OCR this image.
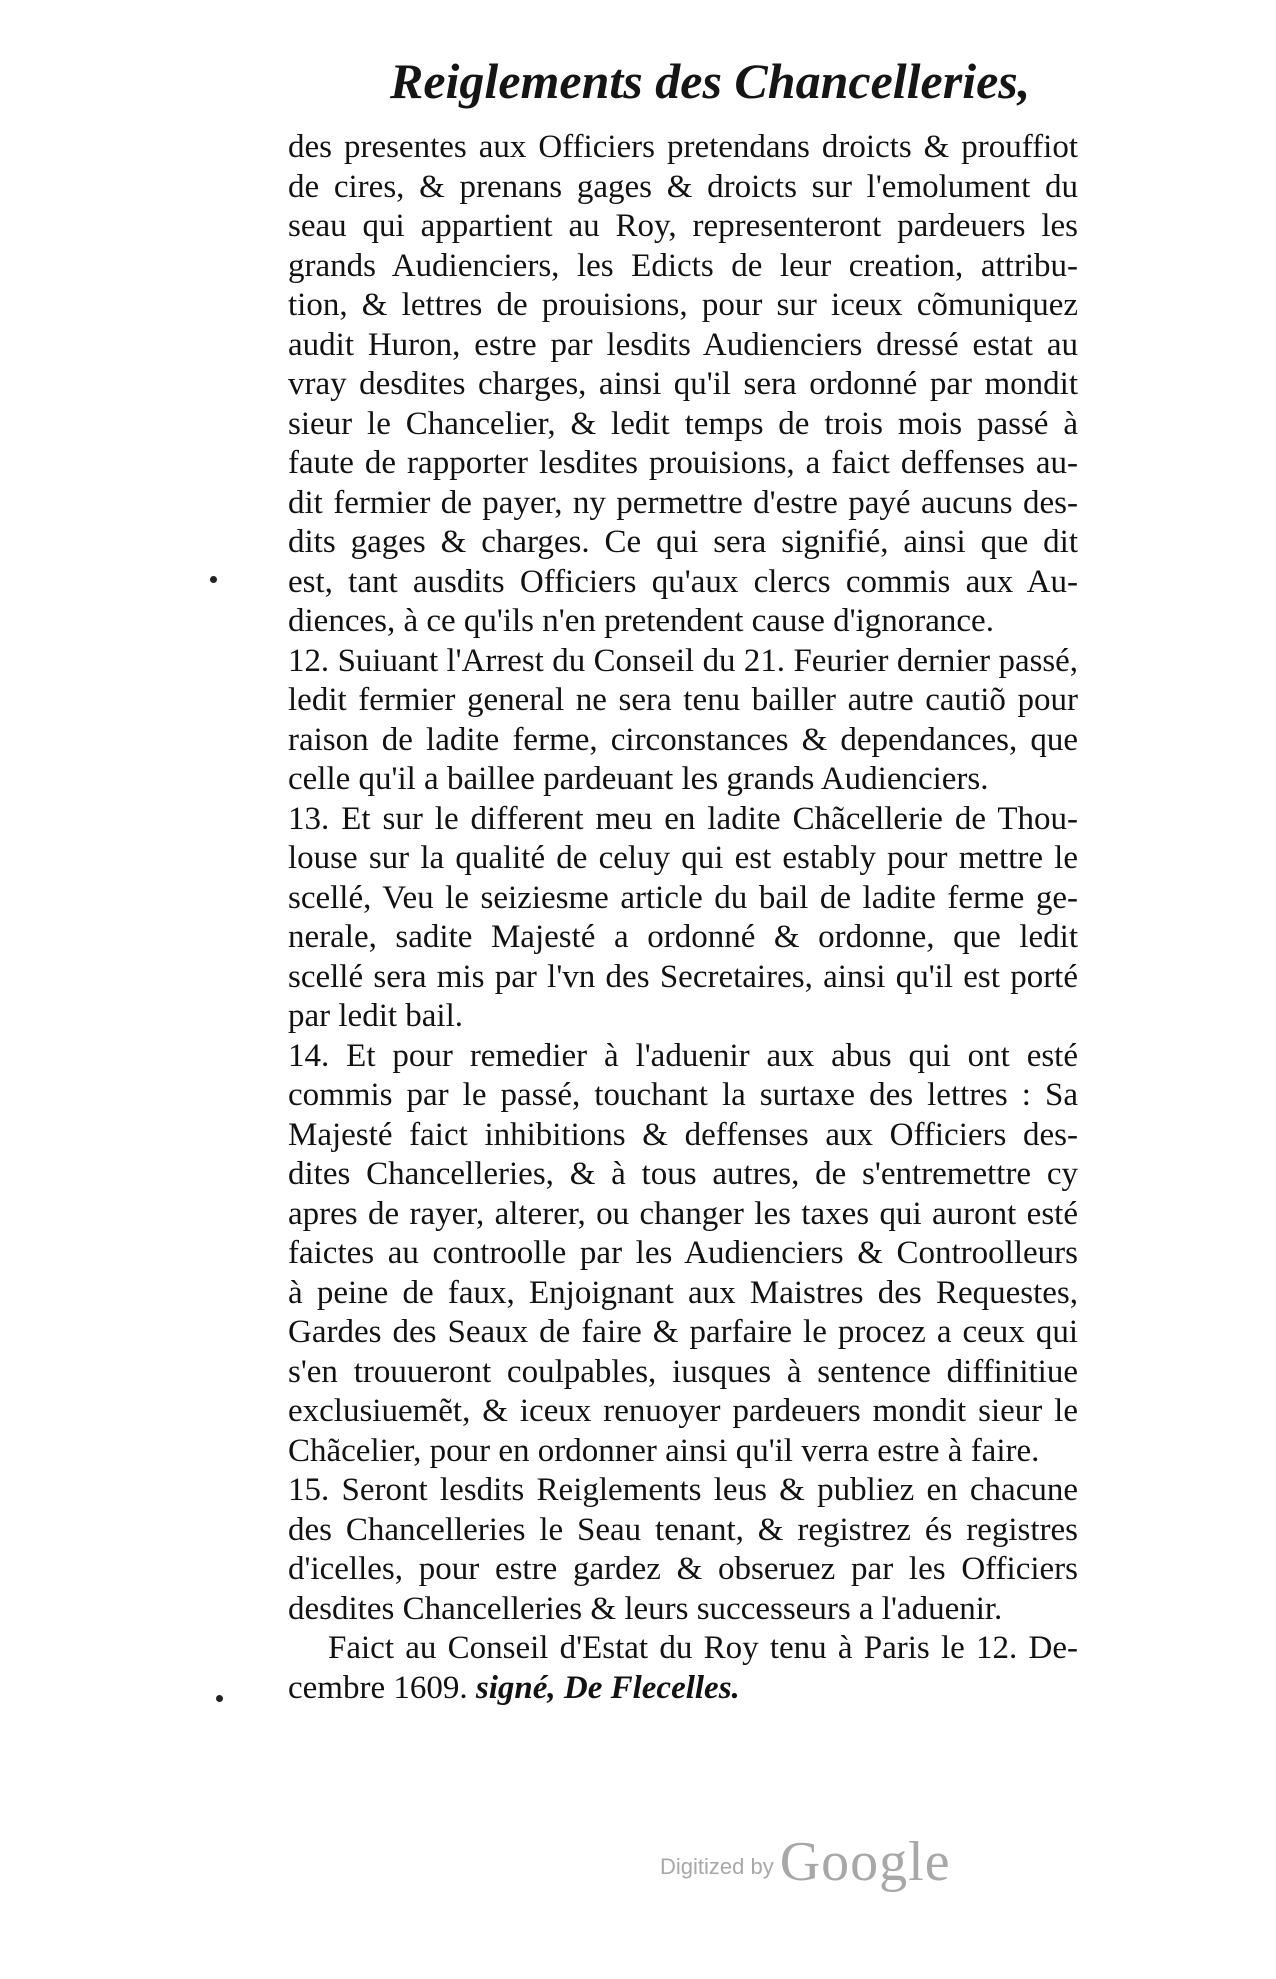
Reiglements des Chancelleries,
des presentes aux Officiers pretendans droicts & prouffiot
de cires, & prenans gages & droicts sur l'emolument du
seau qui appartient au Roy, representeront pardeuers les
grands Audienciers, les Edicts de leur creation, attribu-
tion, & lettres de prouisions, pour sur iceux cõmuniquez
audit Huron, estre par lesdits Audienciers dressé estat au
vray desdites charges, ainsi qu'il sera ordonné par mondit
sieur le Chancelier, & ledit temps de trois mois passé à
faute de rapporter lesdites prouisions, a faict deffenses au-
dit fermier de payer, ny permettre d'estre payé aucuns des-
dits gages & charges. Ce qui sera signifié, ainsi que dit
est, tant ausdits Officiers qu'aux clercs commis aux Au-
diences, à ce qu'ils n'en pretendent cause d'ignorance.
12. Suiuant l'Arrest du Conseil du 21. Feurier dernier passé,
ledit fermier general ne sera tenu bailler autre cautiõ pour
raison de ladite ferme, circonstances & dependances, que
celle qu'il a baillee pardeuant les grands Audienciers.
13. Et sur le different meu en ladite Chãcellerie de Thou-
louse sur la qualité de celuy qui est estably pour mettre le
scellé, Veu le seiziesme article du bail de ladite ferme ge-
nerale, sadite Majesté a ordonné & ordonne, que ledit
scellé sera mis par l'vn des Secretaires, ainsi qu'il est porté
par ledit bail.
14. Et pour remedier à l'aduenir aux abus qui ont esté
commis par le passé, touchant la surtaxe des lettres : Sa
Majesté faict inhibitions & deffenses aux Officiers des-
dites Chancelleries, & à tous autres, de s'entremettre cy
apres de rayer, alterer, ou changer les taxes qui auront esté
faictes au controolle par les Audienciers & Controolleurs
à peine de faux, Enjoignant aux Maistres des Requestes,
Gardes des Seaux de faire & parfaire le procez a ceux qui
s'en trouueront coulpables, iusques à sentence diffinitiue
exclusiuemẽt, & iceux renuoyer pardeuers mondit sieur le
Chãcelier, pour en ordonner ainsi qu'il verra estre à faire.
15. Seront lesdits Reiglements leus & publiez en chacune
des Chancelleries le Seau tenant, & registrez és registres
d'icelles, pour estre gardez & obseruez par les Officiers
desdites Chancelleries & leurs successeurs a l'aduenir.
Faict au Conseil d'Estat du Roy tenu à Paris le 12. De-
cembre 1609. signé, De Flecelles.
Digitized by Google
